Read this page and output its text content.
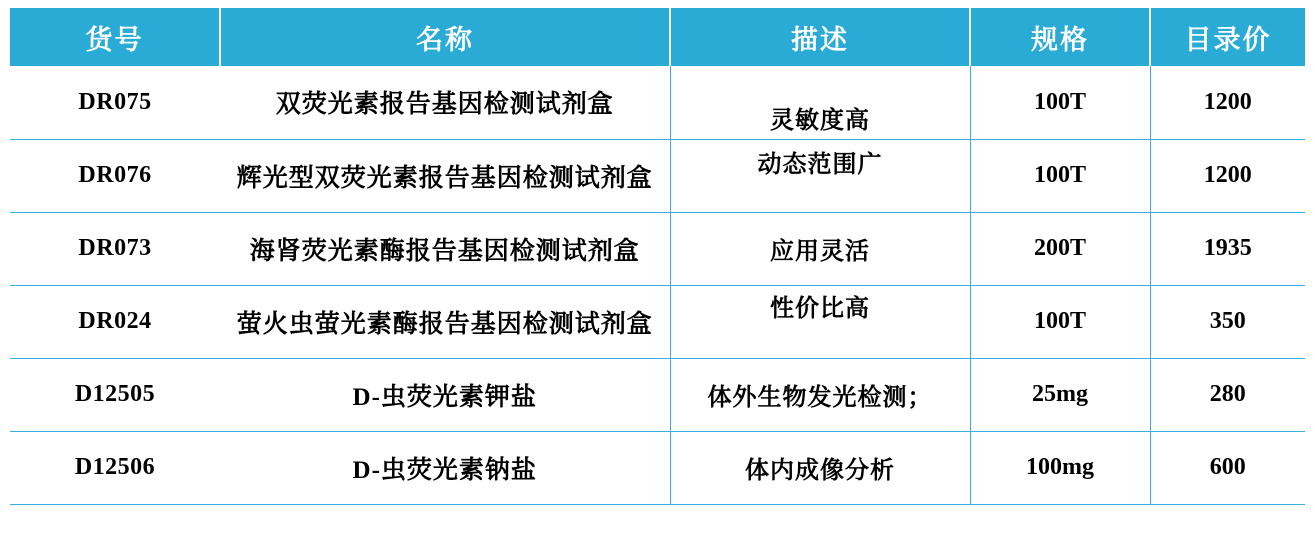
货号	名称	描述	规格	目录价
DR075	双荧光素报告基因检测试剂盒	灵敏度高	100T	1200
DR076	辉光型双荧光素报告基因检测试剂盒	动态范围广	100T	1200
DR073	海肾荧光素酶报告基因检测试剂盒	应用灵活	200T	1935
DR024	萤火虫萤光素酶报告基因检测试剂盒	性价比高	100T	350
D12505	D-虫荧光素钾盐	体外生物发光检测；	25mg	280
D12506	D-虫荧光素钠盐	体内成像分析	100mg	600
